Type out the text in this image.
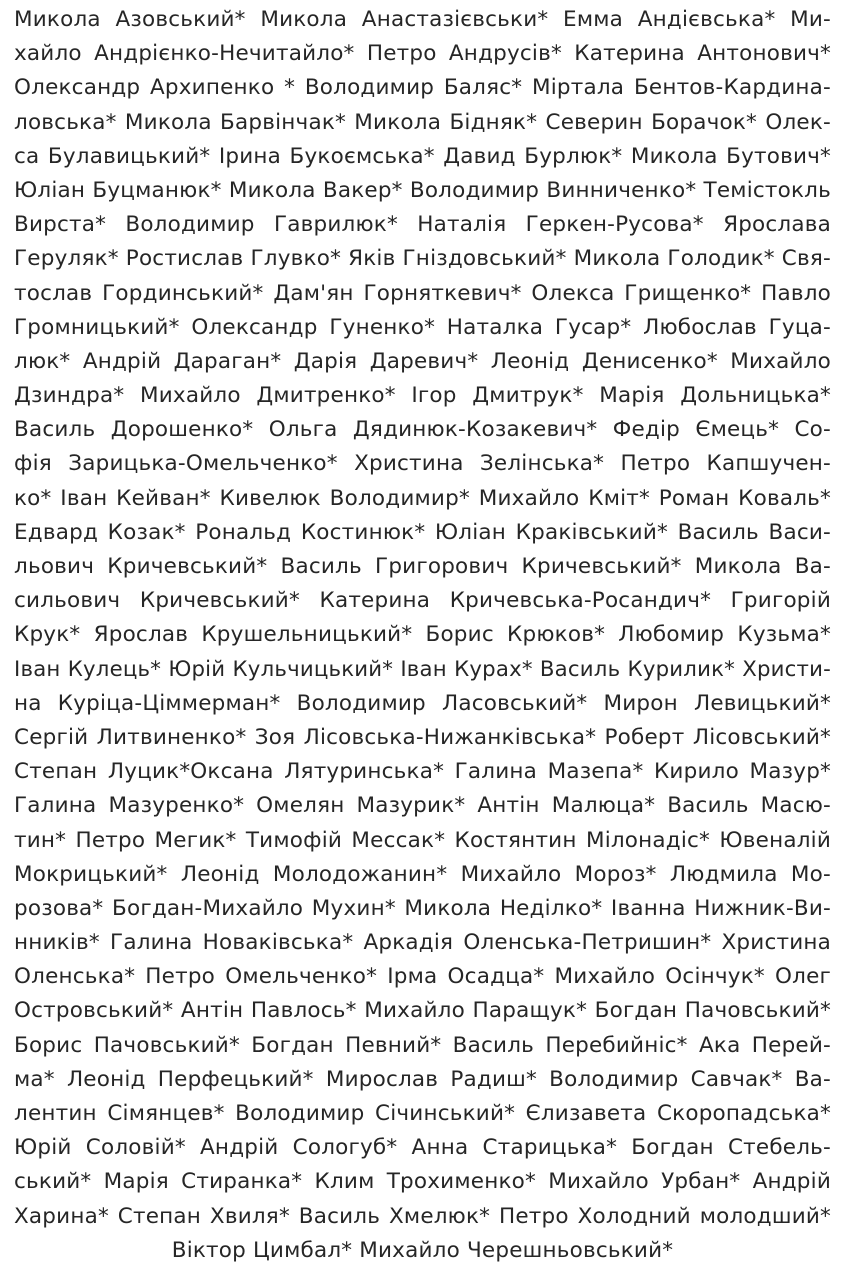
Микола Азовський* Микола Анастазієвськи* Емма Андієвська* Ми-
хайло Андрієнко-Нечитайло* Петро Андрусів* Катерина Антонович*
Олександр Архипенко * Володимир Баляс* Міртала Бентов-Кардина-
ловська* Микола Барвінчак* Микола Бідняк* Северин Борачок* Олек-
са Булавицький* Ірина Букоємська* Давид Бурлюк* Микола Бутович*
Юліан Буцманюк* Микола Вакер* Володимир Винниченко* Темістокль
Вирста* Володимир Гаврилюк* Наталія Геркен-Русова* Ярослава
Геруляк* Ростислав Глувко* Яків Гніздовський* Микола Голодик* Свя-
тослав Гординський* Дам'ян Горняткевич* Олекса Грищенко* Павло
Громницький* Олександр Гуненко* Наталка Гусар* Любослав Гуца-
люк* Андрій Дараган* Дарія Даревич* Леонід Денисенко* Михайло
Дзиндра* Михайло Дмитренко* Ігор Дмитрук* Марія Дольницька*
Василь Дорошенко* Ольга Дядинюк-Козакевич* Федір Ємець* Со-
фія Зарицька-Омельченко* Христина Зелінська* Петро Капшучен-
ко* Іван Кейван* Кивелюк Володимир* Михайло Кміт* Роман Коваль*
Едвард Козак* Рональд Костинюк* Юліан Краківський* Василь Васи-
льович Кричевський* Василь Григорович Кричевський* Микола Ва-
сильович Кричевський* Катерина Кричевська-Росандич* Григорій
Крук* Ярослав Крушельницький* Борис Крюков* Любомир Кузьма*
Іван Кулець* Юрій Кульчицький* Іван Курах* Василь Курилик* Христи-
на Куріца-Ціммерман* Володимир Ласовський* Мирон Левицький*
Сергій Литвиненко* Зоя Лісовська-Нижанківська* Роберт Лісовський*
Степан Луцик*Оксана Лятуринська* Галина Мазепа* Кирило Мазур*
Галина Мазуренко* Омелян Мазурик* Антін Малюца* Василь Масю-
тин* Петро Мегик* Тимофій Мессак* Костянтин Мілонадіс* Ювеналій
Мокрицький* Леонід Молодожанин* Михайло Мороз* Людмила Мо-
розова* Богдан-Михайло Мухин* Микола Неділко* Іванна Нижник-Ви-
нників* Галина Новаківська* Аркадія Оленська-Петришин* Христина
Оленська* Петро Омельченко* Ірма Осадца* Михайло Осінчук* Олег
Островський* Антін Павлось* Михайло Паращук* Богдан Пачовський*
Борис Пачовський* Богдан Певний* Василь Перебийніс* Ака Перей-
ма* Леонід Перфецький* Мирослав Радиш* Володимир Савчак* Ва-
лентин Сімянцев* Володимир Січинський* Єлизавета Скоропадська*
Юрій Соловій* Андрій Сологуб* Анна Старицька* Богдан Стебель-
ський* Марія Стиранка* Клим Трохименко* Михайло Урбан* Андрій
Харина* Степан Хвиля* Василь Хмелюк* Петро Холодний молодший*
Віктор Цимбал* Михайло Черешньовський*
